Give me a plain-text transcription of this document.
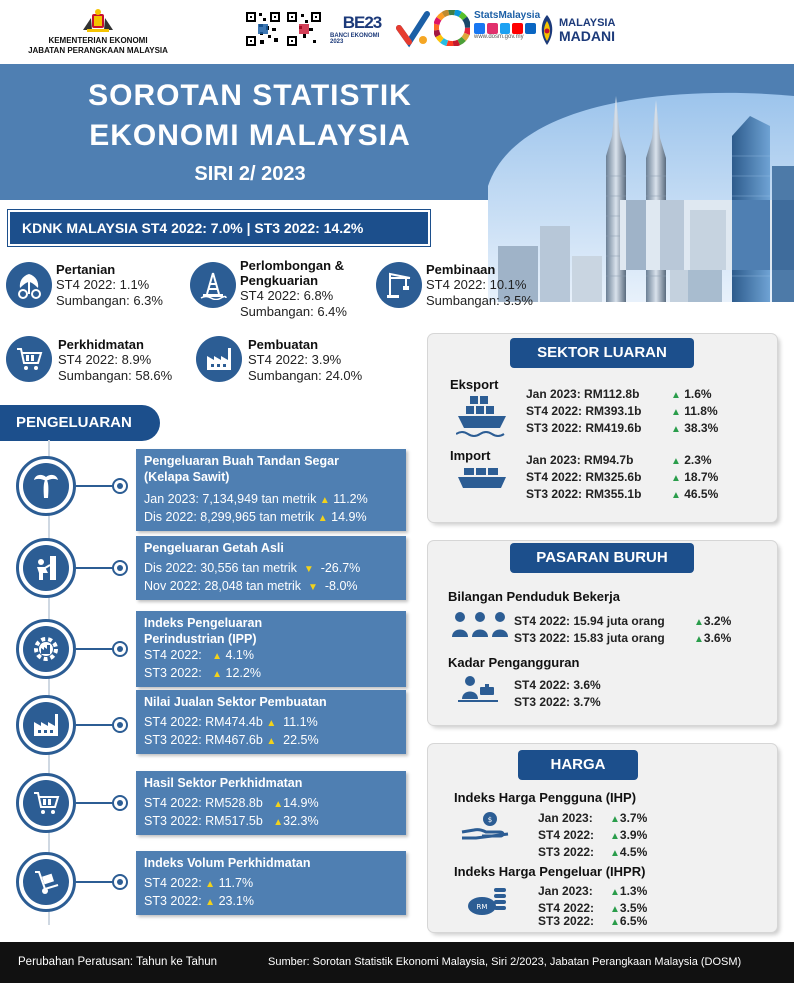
KEMENTERIAN EKONOMI
JABATAN PERANGKAAN MALAYSIA
BE23
BANCI EKONOMI 2023
StatsMalaysia
www.dosm.gov.my
MALAYSIA
MADANI
SOROTAN STATISTIK
EKONOMI MALAYSIA
SIRI 2/ 2023
KDNK MALAYSIA ST4 2022: 7.0% | ST3 2022: 14.2%
Pertanian
ST4 2022: 1.1%
Sumbangan: 6.3%
Perlombongan &
Pengkuarian
ST4 2022: 6.8%
Sumbangan: 6.4%
Pembinaan
ST4 2022: 10.1%
Sumbangan: 3.5%
Perkhidmatan
ST4 2022: 8.9%
Sumbangan: 58.6%
Pembuatan
ST4 2022: 3.9%
Sumbangan: 24.0%
PENGELUARAN
Pengeluaran Buah Tandan Segar
(Kelapa Sawit)
Jan 2023: 7,134,949 tan metrik ▲ 11.2%
Dis 2022: 8,299,965 tan metrik ▲ 14.9%
Pengeluaran Getah Asli
Dis 2022: 30,556 tan metrik ▼ -26.7%
Nov 2022: 28,048 tan metrik ▼ -8.0%
Indeks Pengeluaran
Perindustrian (IPP)
ST4 2022: ▲ 4.1%
ST3 2022: ▲ 12.2%
Nilai Jualan Sektor Pembuatan
ST4 2022: RM474.4b ▲ 11.1%
ST3 2022: RM467.6b ▲ 22.5%
Hasil Sektor Perkhidmatan
ST4 2022: RM528.8b ▲14.9%
ST3 2022: RM517.5b ▲32.3%
Indeks Volum Perkhidmatan
ST4 2022: ▲ 11.7%
ST3 2022: ▲ 23.1%
SEKTOR LUARAN
Eksport
Jan 2023: RM112.8b	▲ 1.6%
ST4 2022: RM393.1b	▲ 11.8%
ST3 2022: RM419.6b	▲ 38.3%
Import	Jan 2023: RM94.7b	▲ 2.3%
ST4 2022: RM325.6b	▲ 18.7%
ST3 2022: RM355.1b	▲ 46.5%
PASARAN BURUH
Bilangan Penduduk Bekerja
ST4 2022: 15.94 juta orang	▲3.2%
ST3 2022: 15.83 juta orang	▲3.6%
Kadar Pengangguran
ST4 2022: 3.6%
ST3 2022: 3.7%
HARGA
Indeks Harga Pengguna (IHP)
$	Jan 2023: ▲3.7%
ST4 2022: ▲3.9%
ST3 2022: ▲4.5%
Indeks Harga Pengeluar (IHPR)
RM
Jan 2023: ▲1.3%
ST4 2022: ▲3.5%
ST3 2022: ▲6.5%
Perubahan Peratusan: Tahun ke Tahun	Sumber: Sorotan Statistik Ekonomi Malaysia, Siri 2/2023, Jabatan Perangkaan Malaysia (DOSM)
